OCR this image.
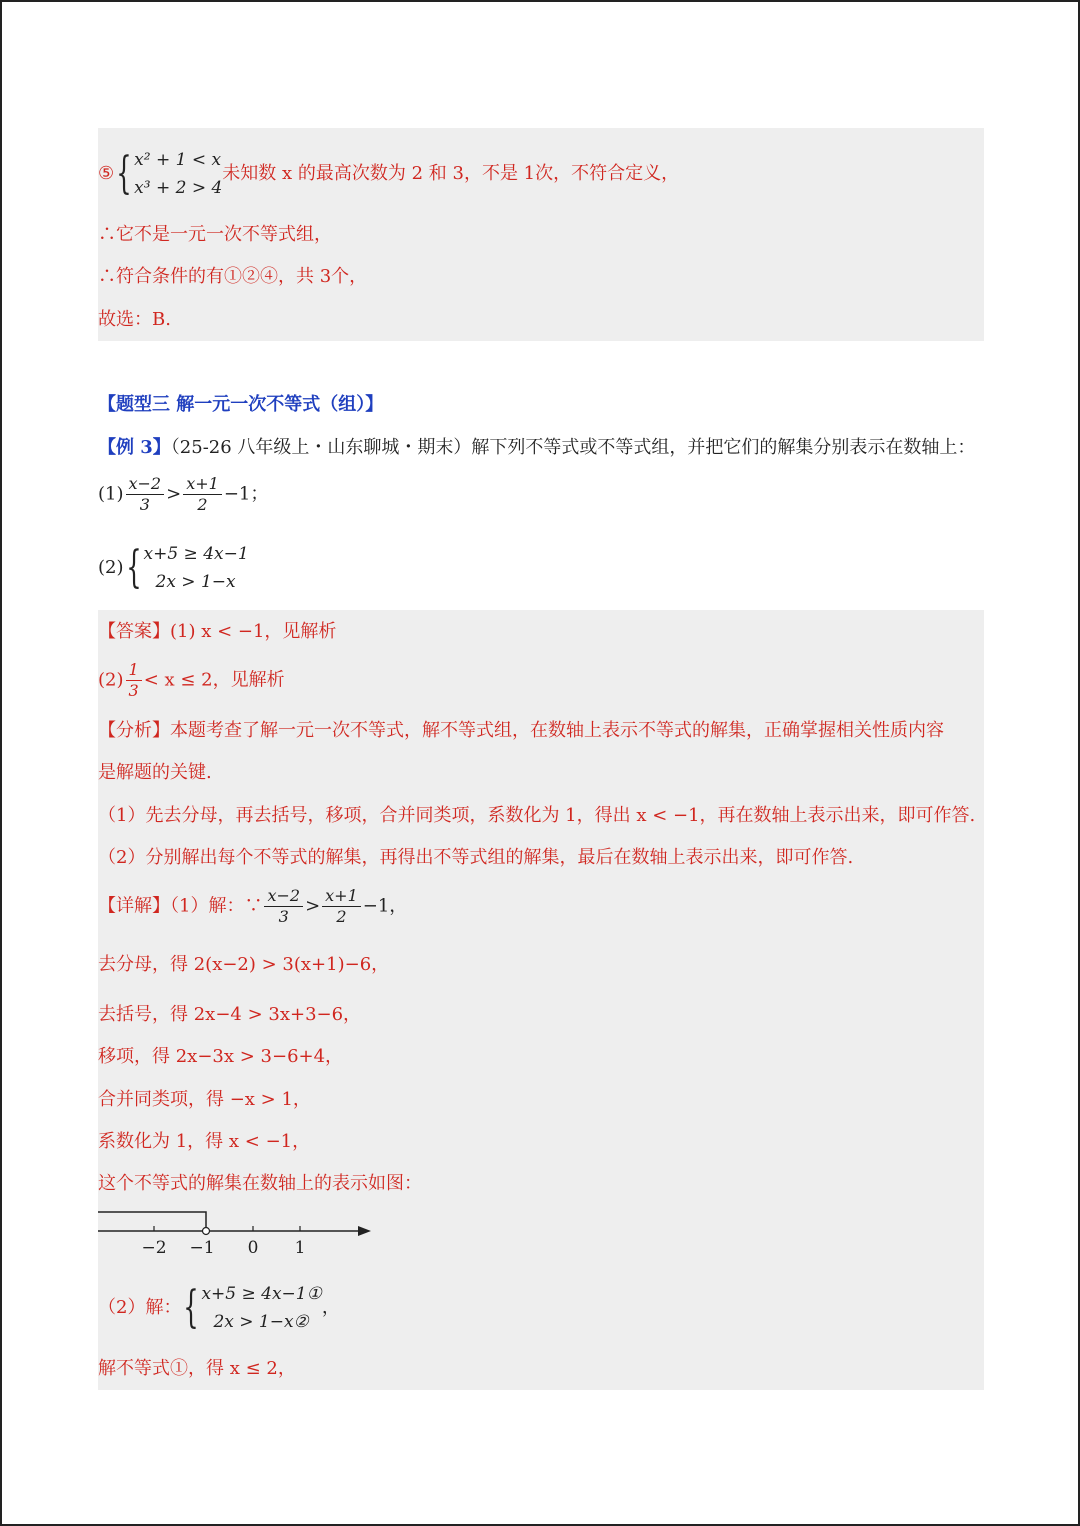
⑤{ x² + 1 < x
x³ + 2 > 4
未知数 x 的最高次数为 2 和 3，不是 1次，不符合定义，
∴它不是一元一次不等式组，
∴符合条件的有①②④，共 3个，
故选：B.
【题型三 解一元一次不等式（组）】
【例 3】（25-26 八年级上・山东聊城・期末）解下列不等式或不等式组，并把它们的解集分别表示在数轴上：
$(1) \frac{x-2}{3} > \frac{x+1}{2} -1$；
(2){ x+5 ≥ 4x−1
2x > 1−x
【答案】(1) x < −1，见解析
$(2) \frac{1}{3} < x \le 2$，见解析
【分析】本题考查了解一元一次不等式，解不等式组，在数轴上表示不等式的解集，正确掌握相关性质内容
是解题的关键.
（1）先去分母，再去括号，移项，合并同类项，系数化为 1，得出 x < −1，再在数轴上表示出来，即可作答.
（2）分别解出每个不等式的解集，再得出不等式组的解集，最后在数轴上表示出来，即可作答.
【详解】（1）解：∵ $\frac{x-2}{3} > \frac{x+1}{2} -1$，
去分母，得 2(x−2) > 3(x+1)−6，
去括号，得 2x−4 > 3x+3−6，
移项，得 2x−3x > 3−6+4，
合并同类项，得 −x > 1，
系数化为 1，得 x < −1，
这个不等式的解集在数轴上的表示如图：
−2 −1 0 1
（2）解：{ x+5 ≥ 4x−1①
2x > 1−x②
，
解不等式①，得 x ≤ 2，
